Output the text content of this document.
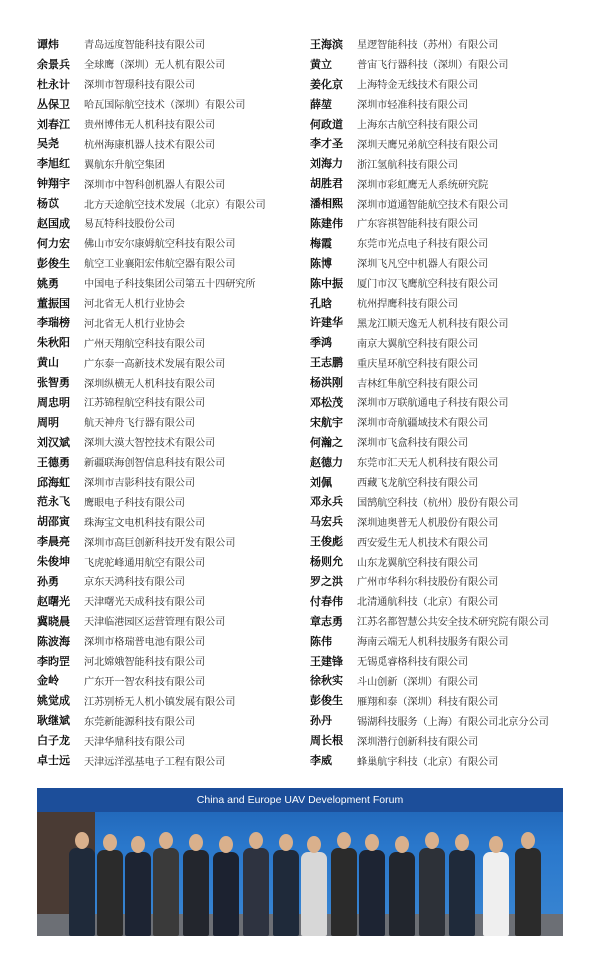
谭炜	青岛远度智能科技有限公司
余景兵	全球鹰（深圳）无人机有限公司
杜永计	深圳市智璟科技有限公司
丛保卫	哈瓦国际航空技术（深圳）有限公司
刘春江	贵州博伟无人机科技有限公司
吴尧	杭州海康机器人技术有限公司
李旭红	翼航东升航空集团
钟翔宇	深圳市中智科创机器人有限公司
杨苡	北方天途航空技术发展（北京）有限公司
赵国成	易瓦特科技股份公司
何力宏	佛山市安尔康姆航空科技有限公司
彭俊生	航空工业襄阳宏伟航空器有限公司
姚勇	中国电子科技集团公司第五十四研究所
董振国	河北省无人机行业协会
李瑞榜	河北省无人机行业协会
朱秋阳	广州天翔航空科技有限公司
黄山	广东泰一高新技术发展有限公司
张智勇	深圳纵横无人机科技有限公司
周忠明	江苏锦程航空科技有限公司
周明	航天神舟飞行器有限公司
刘汉斌	深圳大漠大智控技术有限公司
王德勇	新疆联海创智信息科技有限公司
邱海虹	深圳市吉影科技有限公司
范永飞	鹰眼电子科技有限公司
胡邵寅	珠海宝文电机科技有限公司
李晨亮	深圳市高巨创新科技开发有限公司
朱俊坤	飞虎驼峰通用航空有限公司
孙勇	京东天鸿科技有限公司
赵曙光	天津曙光天成科技有限公司
冀晓晨	天津临港园区运营管理有限公司
陈波海	深圳市格瑞普电池有限公司
李昀罡	河北嫦娥智能科技有限公司
金岭	广东开一智农科技有限公司
姚觉成	江苏别桥无人机小镇发展有限公司
耿继斌	东莞新能源科技有限公司
白子龙	天津华鼎科技有限公司
卓士远	天津远洋泓基电子工程有限公司
王海滨	星逻智能科技（苏州）有限公司
黄立	普宙飞行器科技（深圳）有限公司
姜化京	上海特金无线技术有限公司
薛堃	深圳市轻准科技有限公司
何政道	上海东古航空科技有限公司
李才圣	深圳天鹰兄弟航空科技有限公司
刘海力	浙江氢航科技有限公司
胡胜君	深圳市彩虹鹰无人系统研究院
潘相熙	深圳市道通智能航空技术有限公司
陈建伟	广东容祺智能科技有限公司
梅霞	东莞市光点电子科技有限公司
陈博	深圳飞凡空中机器人有限公司
陈中振	厦门市汉飞鹰航空科技有限公司
孔晗	杭州捍鹰科技有限公司
许建华	黑龙江顺天逸无人机科技有限公司
季鸿	南京大翼航空科技有限公司
王志鹏	重庆星环航空科技有限公司
杨洪刚	吉林红隼航空科技有限公司
邓松茂	深圳市万联航通电子科技有限公司
宋航宇	深圳市奇航疆域技术有限公司
何瀚之	深圳市飞盒科技有限公司
赵德力	东莞市汇天无人机科技有限公司
刘佩	西藏飞龙航空科技有限公司
邓永兵	国鹄航空科技（杭州）股份有限公司
马宏兵	深圳迪奥普无人机股份有限公司
王俊彪	西安爱生无人机技术有限公司
杨则允	山东龙翼航空科技有限公司
罗之洪	广州市华科尔科技股份有限公司
付春伟	北清通航科技（北京）有限公司
章志勇	江苏名都智慧公共安全技术研究院有限公司
陈伟	海南云端无人机科技服务有限公司
王建锋	无锡觅睿格科技有限公司
徐秋实	斗山创新（深圳）有限公司
彭俊生	雁翔和泰（深圳）科技有限公司
孙丹	锡湖科技服务（上海）有限公司北京分公司
周长根	深圳潜行创新科技有限公司
李威	蜂巢航宇科技（北京）有限公司
China and Europe UAV Development Forum
